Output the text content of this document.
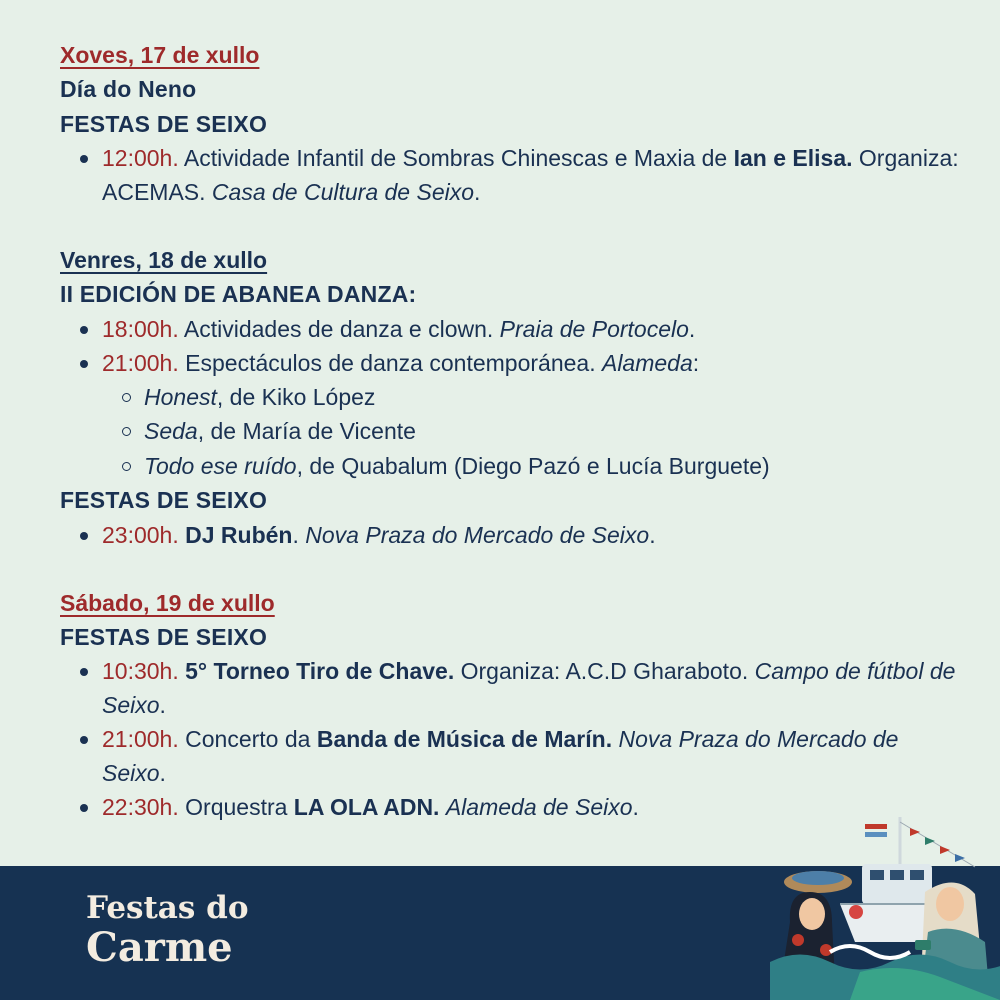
Xoves, 17 de xullo
Día do Neno
FESTAS DE SEIXO
12:00h. Actividade Infantil de Sombras Chinescas e Maxia de Ian e Elisa. Organiza: ACEMAS. Casa de Cultura de Seixo.
Venres, 18 de xullo
II EDICIÓN DE ABANEA DANZA:
18:00h. Actividades de danza e clown. Praia de Portocelo.
21:00h. Espectáculos de danza contemporánea. Alameda:
Honest, de Kiko López
Seda, de María de Vicente
Todo ese ruído, de Quabalum (Diego Pazó e Lucía Burguete)
FESTAS DE SEIXO
23:00h. DJ Rubén. Nova Praza do Mercado de Seixo.
Sábado, 19 de xullo
FESTAS DE SEIXO
10:30h. 5° Torneo Tiro de Chave. Organiza: A.C.D Gharaboto. Campo de fútbol de Seixo.
21:00h. Concerto da Banda de Música de Marín. Nova Praza do Mercado de Seixo.
22:30h. Orquestra LA OLA ADN. Alameda de Seixo.
Festas do
Carme
